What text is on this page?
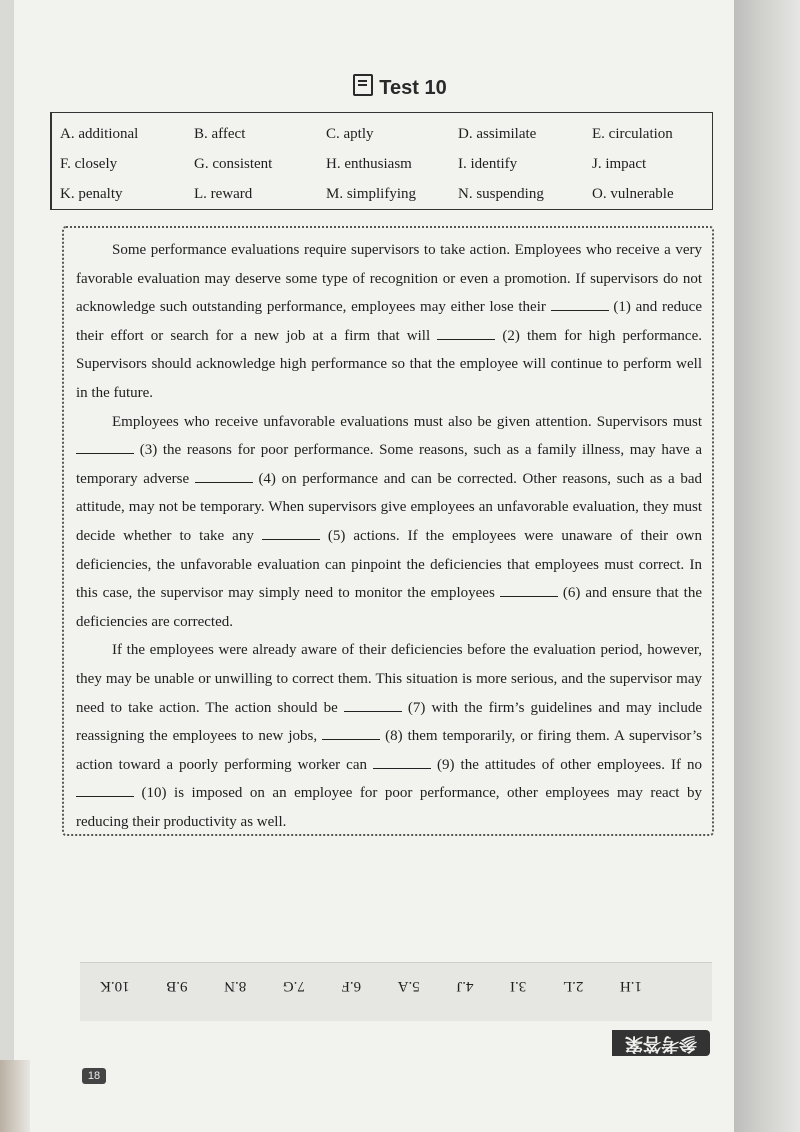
Test 10
A. additional	B. affect	C. aptly	D. assimilate	E. circulation
F. closely	G. consistent	H. enthusiasm	I. identify	J. impact
K. penalty	L. reward	M. simplifying	N. suspending	O. vulnerable

Some performance evaluations require supervisors to take action. Employees who receive a very favorable evaluation may deserve some type of recognition or even a promotion. If supervisors do not acknowledge such outstanding performance, employees may either lose their	(1) and reduce their effort or search for a new job at a firm that will	(2) them for high performance. Supervisors should acknowledge high performance so that the employee will continue to perform well in the future.

Employees who receive unfavorable evaluations must also be given attention. Supervisors must  (3) the reasons for poor performance. Some reasons, such as a family illness, may have a temporary adverse	(4) on performance and can be corrected. Other reasons, such as a bad attitude, may not be temporary. When supervisors give employees an unfavorable evaluation, they must decide whether to take any	(5) actions. If the employees were unaware of their own deficiencies, the unfavorable evaluation can pinpoint the deficiencies that employees must correct. In this case, the supervisor may simply need to monitor the employees	(6) and ensure that the deficiencies are corrected.

If the employees were already aware of their deficiencies before the evaluation period, however, they may be unable or unwilling to correct them. This situation is more serious, and the supervisor may need to take action. The action should be	(7) with the firm’s guidelines and may include reassigning the employees to new jobs,	(8) them temporarily, or firing them. A supervisor’s action toward a poorly performing worker can	(9) the attitudes of other employees. If no  (10) is imposed on an employee for poor performance, other employees may react by reducing their productivity as well.

1.H
2.L
3.I
4.J
5.A
6.F
7.G
8.N
9.B
10.K
参考答案
18
